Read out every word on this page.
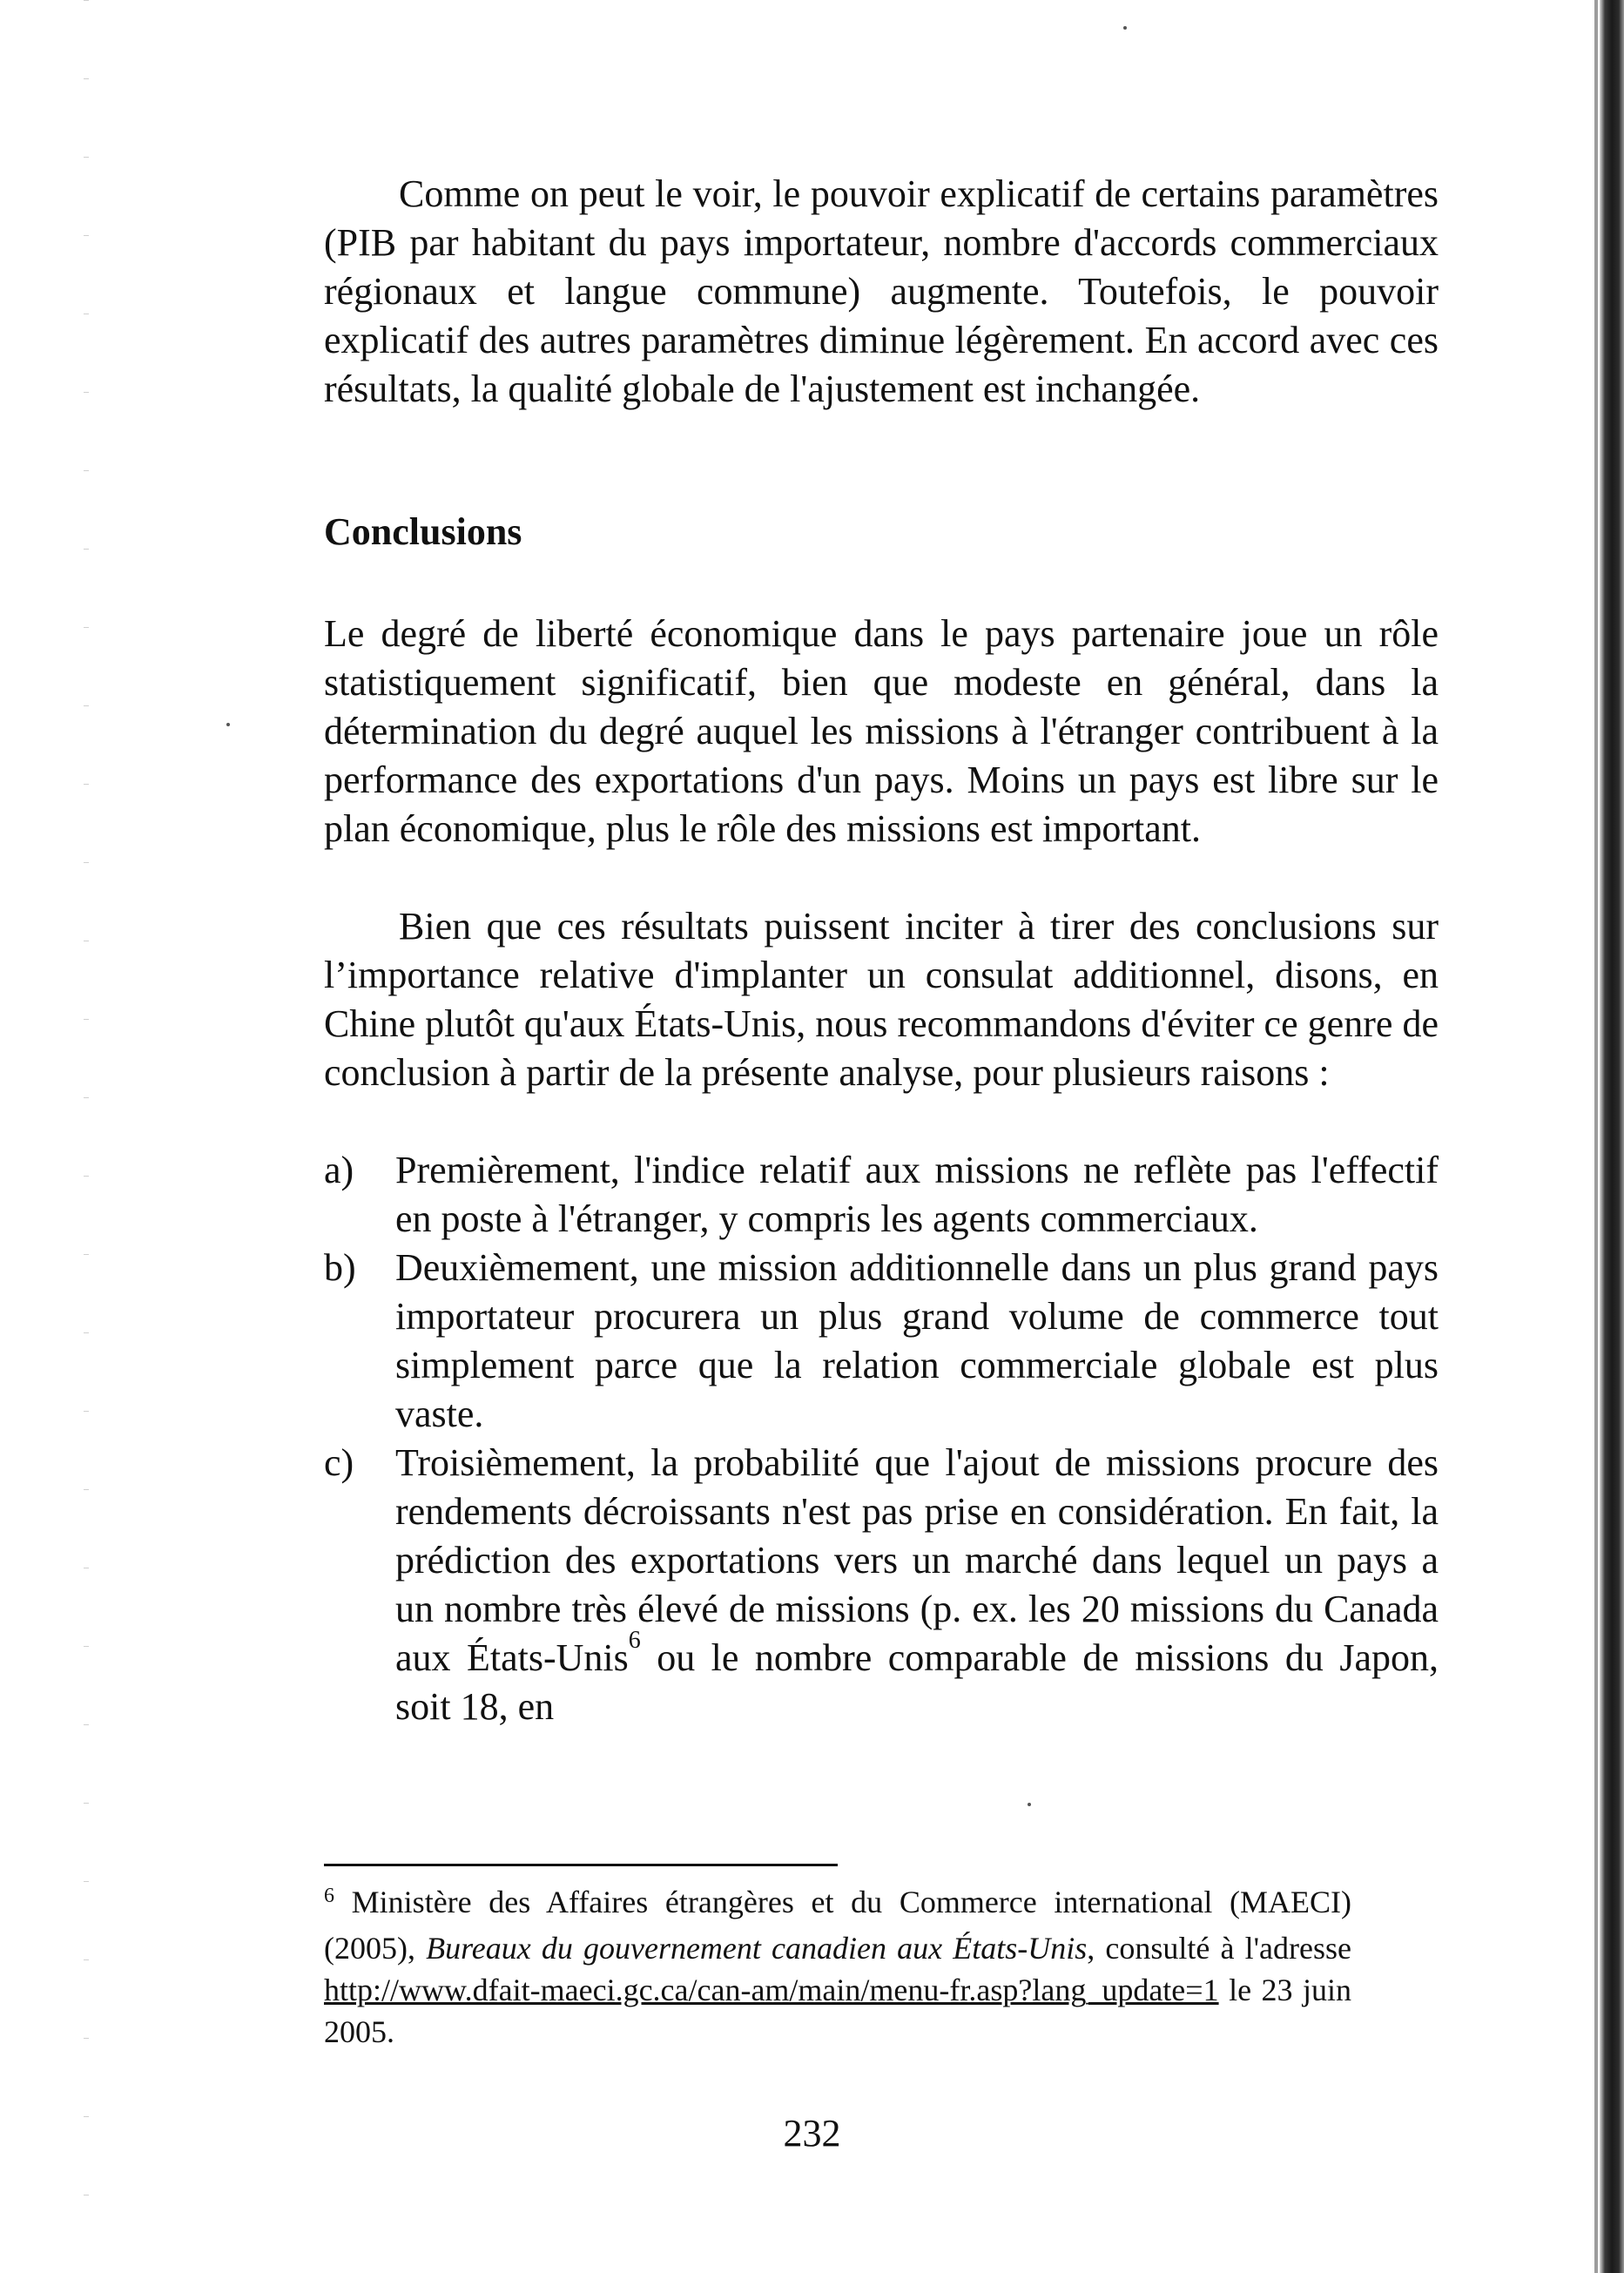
Comme on peut le voir, le pouvoir explicatif de certains paramètres (PIB par habitant du pays importateur, nombre d'accords commerciaux régionaux et langue commune) augmente. Toutefois, le pouvoir explicatif des autres paramètres diminue légèrement. En accord avec ces résultats, la qualité globale de l'ajustement est inchangée.

Conclusions

Le degré de liberté économique dans le pays partenaire joue un rôle statistiquement significatif, bien que modeste en général, dans la détermination du degré auquel les missions à l'étranger contribuent à la performance des exportations d'un pays. Moins un pays est libre sur le plan économique, plus le rôle des missions est important.

Bien que ces résultats puissent inciter à tirer des conclusions sur l’importance relative d'implanter un consulat additionnel, disons, en Chine plutôt qu'aux États-Unis, nous recommandons d'éviter ce genre de conclusion à partir de la présente analyse, pour plusieurs raisons :

a) Premièrement, l'indice relatif aux missions ne reflète pas l'effectif en poste à l'étranger, y compris les agents commerciaux.
b) Deuxièmement, une mission additionnelle dans un plus grand pays importateur procurera un plus grand volume de commerce tout simplement parce que la relation commerciale globale est plus vaste.
c) Troisièmement, la probabilité que l'ajout de missions procure des rendements décroissants n'est pas prise en considération. En fait, la prédiction des exportations vers un marché dans lequel un pays a un nombre très élevé de missions (p. ex. les 20 missions du Canada aux États-Unis$^6$ ou le nombre comparable de missions du Japon, soit 18, en

$^6$ Ministère des Affaires étrangères et du Commerce international (MAECI) (2005), Bureaux du gouvernement canadien aux États-Unis, consulté à l'adresse http://www.dfait-maeci.gc.ca/can-am/main/menu-fr.asp?lang_update=1 le 23 juin 2005.

232
